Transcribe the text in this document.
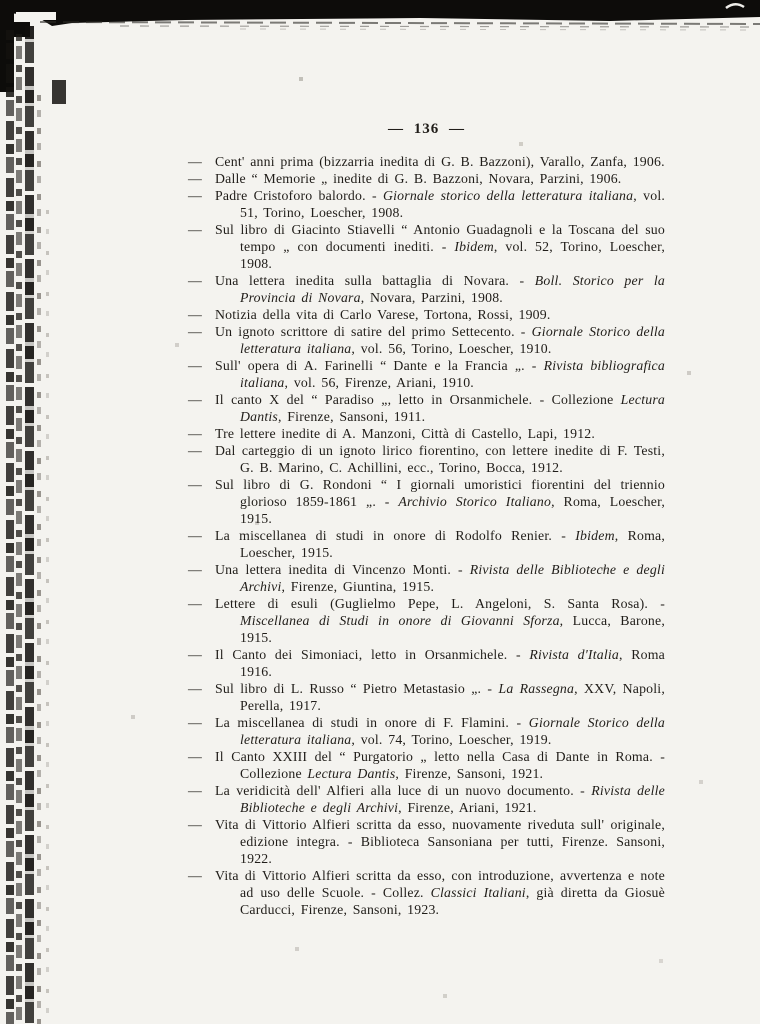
— 136 —

— Cent' anni prima (bizzarria inedita di G. B. Bazzoni), Varallo, Zanfa, 1906.

— Dalle “ Memorie „ inedite di G. B. Bazzoni, Novara, Parzini, 1906.

— Padre Cristoforo balordo. - Giornale storico della letteratura italiana, vol. 51, Torino, Loescher, 1908.

— Sul libro di Giacinto Stiavelli “ Antonio Guadagnoli e la Toscana del suo tempo „ con documenti inediti. - Ibidem, vol. 52, Torino, Loescher, 1908.

— Una lettera inedita sulla battaglia di Novara. - Boll. Storico per la Provincia di Novara, Novara, Parzini, 1908.

— Notizia della vita di Carlo Varese, Tortona, Rossi, 1909.

— Un ignoto scrittore di satire del primo Settecento. - Giornale Storico della letteratura italiana, vol. 56, Torino, Loescher, 1910.

— Sull' opera di A. Farinelli “ Dante e la Francia „. - Rivista bibliografica italiana, vol. 56, Firenze, Ariani, 1910.

— Il canto X del “ Paradiso „, letto in Orsanmichele. - Collezione Lectura Dantis, Firenze, Sansoni, 1911.

— Tre lettere inedite di A. Manzoni, Città di Castello, Lapi, 1912.

— Dal carteggio di un ignoto lirico fiorentino, con lettere inedite di F. Testi, G. B. Marino, C. Achillini, ecc., Torino, Bocca, 1912.

— Sul libro di G. Rondoni “ I giornali umoristici fiorentini del triennio glorioso 1859-1861 „. - Archivio Storico Italiano, Roma, Loescher, 1915.

— La miscellanea di studi in onore di Rodolfo Renier. - Ibidem, Roma, Loescher, 1915.

— Una lettera inedita di Vincenzo Monti. - Rivista delle Biblioteche e degli Archivi, Firenze, Giuntina, 1915.

— Lettere di esuli (Guglielmo Pepe, L. Angeloni, S. Santa Rosa). - Miscellanea di Studi in onore di Giovanni Sforza, Lucca, Barone, 1915.

— Il Canto dei Simoniaci, letto in Orsanmichele. - Rivista d'Italia, Roma 1916.

— Sul libro di L. Russo “ Pietro Metastasio „. - La Rassegna, XXV, Napoli, Perella, 1917.

— La miscellanea di studi in onore di F. Flamini. - Giornale Storico della letteratura italiana, vol. 74, Torino, Loescher, 1919.

— Il Canto XXIII del “ Purgatorio „ letto nella Casa di Dante in Roma. - Collezione Lectura Dantis, Firenze, Sansoni, 1921.

— La veridicità dell' Alfieri alla luce di un nuovo documento. - Rivista delle Biblioteche e degli Archivi, Firenze, Ariani, 1921.

— Vita di Vittorio Alfieri scritta da esso, nuovamente riveduta sull' originale, edizione integra. - Biblioteca Sansoniana per tutti, Firenze. Sansoni, 1922.

— Vita di Vittorio Alfieri scritta da esso, con introduzione, avvertenza e note ad uso delle Scuole. - Collez. Classici Italiani, già diretta da Giosuè Carducci, Firenze, Sansoni, 1923.
